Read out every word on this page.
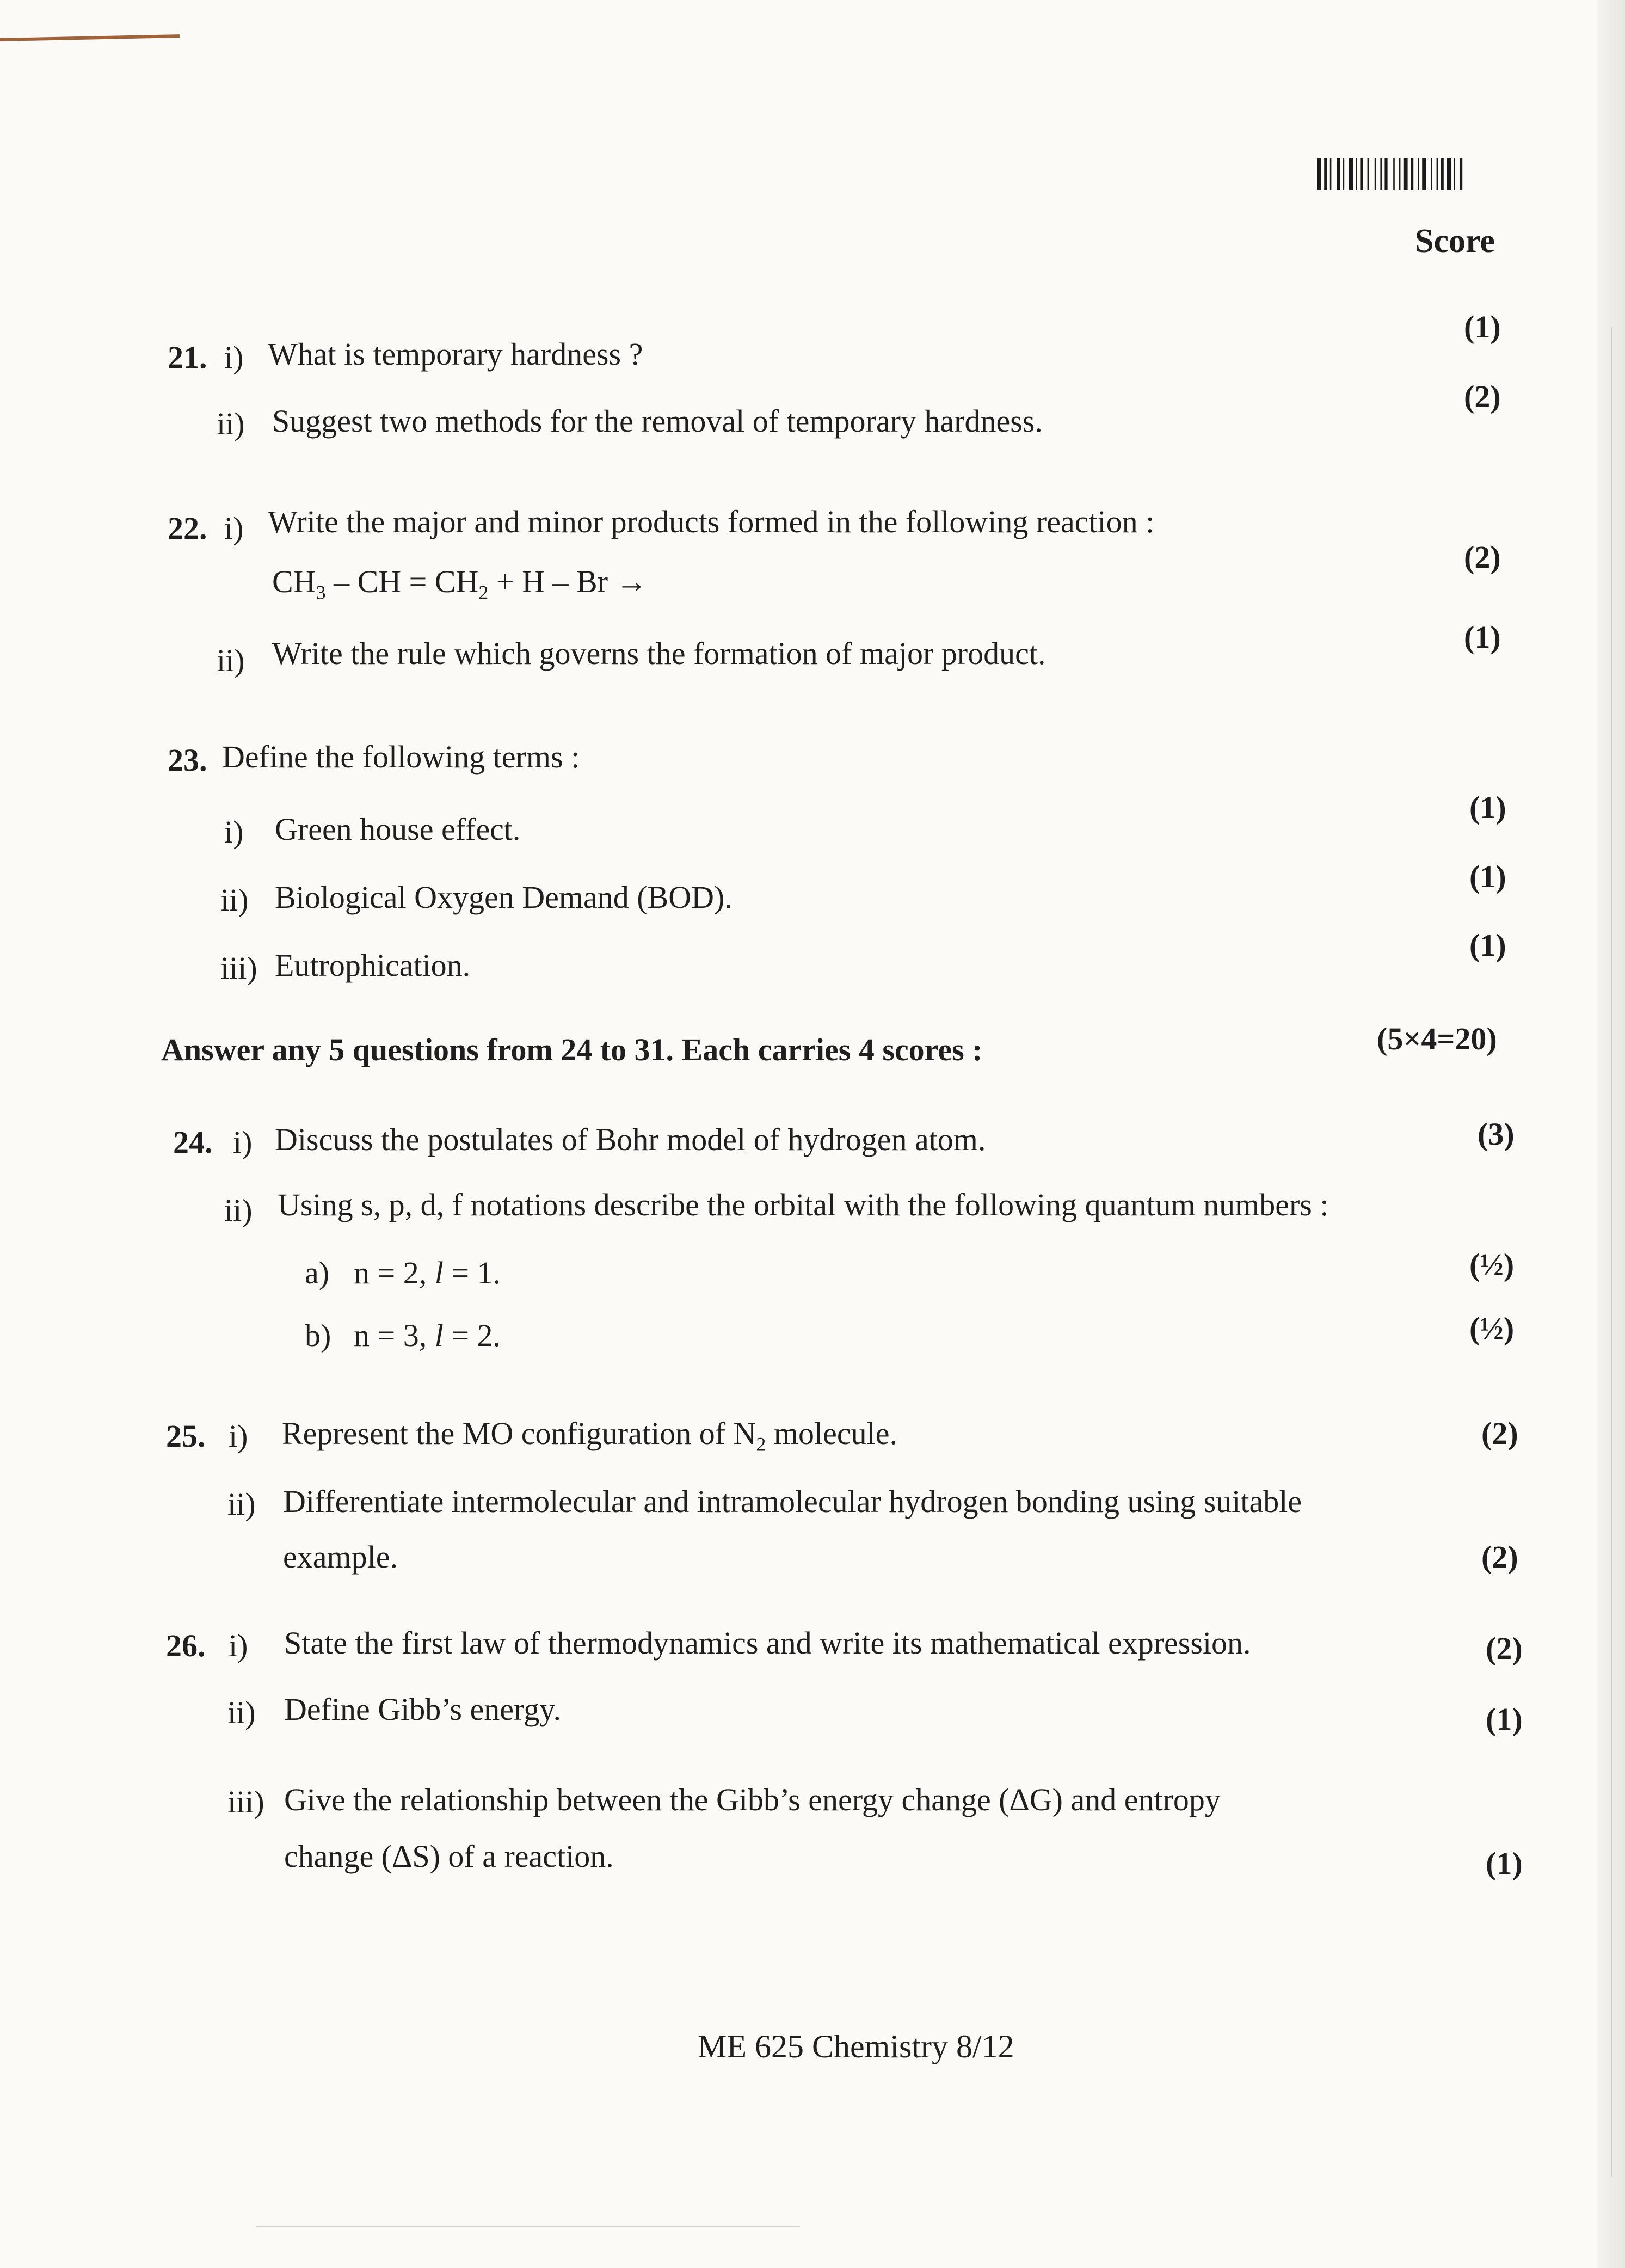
Score
21. i) What is temporary hardness ?
(1)
ii) Suggest two methods for the removal of temporary hardness.
(2)
22. i) Write the major and minor products formed in the following reaction :
$CH_3$ – CH = $CH_2 + H - Br$ →
(2)
ii) Write the rule which governs the formation of major product.	(1)
23. Define the following terms :
i) Green house effect.
(1)
ii) Biological Oxygen Demand (BOD).
(1)
iii) Eutrophication.
(1)
Answer any 5 questions from 24 to 31. Each carries 4 scores :	(5×4=20)
24. i) Discuss the postulates of Bohr model of hydrogen atom.	(3)
ii) Using s, p, d, f notations describe the orbital with the following quantum numbers :
a) n = 2, l = 1.	(½)
b) n = 3, l = 2.	(½)
25. i) Represent the MO configuration of $N_2$ molecule.	(2)
ii) Differentiate intermolecular and intramolecular hydrogen bonding using suitable
example.	(2)
26. i) State the first law of thermodynamics and write its mathematical expression.	(2)
ii) Define Gibb’s energy.	(1)
iii) Give the relationship between the Gibb’s energy change (ΔG) and entropy
change (ΔS) of a reaction.	(1)
ME 625 Chemistry 8/12
